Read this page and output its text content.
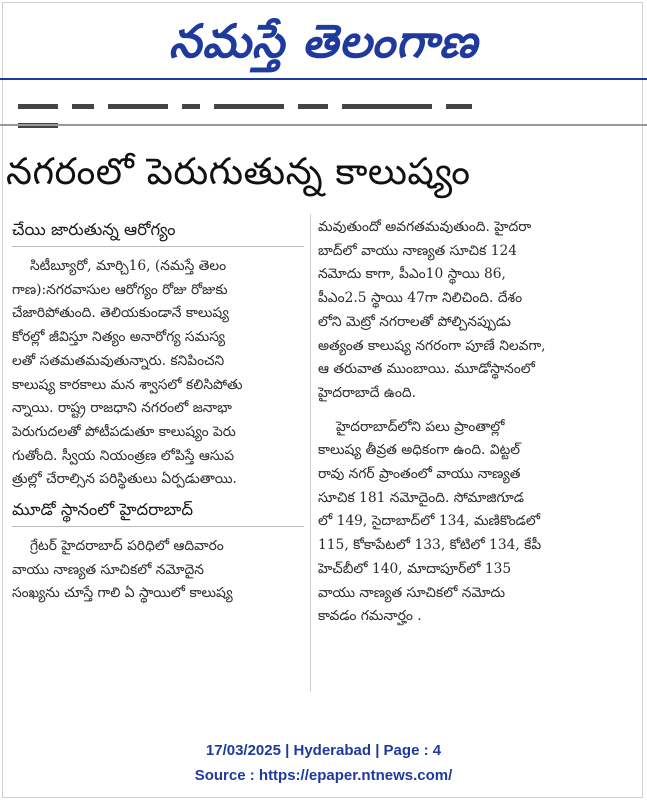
నమస్తే తెలంగాణ
నగరంలో పెరుగుతున్న కాలుష్యం
చేయి జారుతున్న ఆరోగ్యం
సిటీబ్యూరో, మార్చి16, (నమస్తే తెలం
గాణ):నగరవాసుల ఆరోగ్యం రోజు రోజుకు
చేజారిపోతుంది. తెలియకుండానే కాలుష్య
కోరల్లో జీవిస్తూ నిత్యం అనారోగ్య సమస్య
లతో సతమతమవుతున్నారు. కనిపించని
కాలుష్య కారకాలు మన శ్వాసలో కలిసిపోతు
న్నాయి. రాష్ట్ర రాజధాని నగరంలో జనాభా
పెరుగుదలతో పోటీపడుతూ కాలుష్యం పెరు
గుతోంది. స్వీయ నియంత్రణ లోపిస్తే ఆసుప
త్రుల్లో చేరాల్సిన పరిస్థితులు ఏర్పడుతాయి.
మూడో స్థానంలో హైదరాబాద్
గ్రేటర్ హైదరాబాద్ పరిధిలో ఆదివారం
వాయు నాణ్యత సూచికలో నమోదైన
సంఖ్యను చూస్తే గాలి ఏ స్థాయిలో కాలుష్య
మవుతుందో అవగతమవుతుంది. హైదరా
బాద్‌లో వాయు నాణ్యత సూచిక 124
నమోదు కాగా, పీఎం10 స్థాయి 86,
పీఎం2.5 స్థాయి 47గా నిలిచింది. దేశం
లోని మెట్రో నగరాలతో పోల్చినప్పుడు
అత్యంత కాలుష్య నగరంగా పూణే నిలవగా,
ఆ తరువాత ముంబాయి. మూడోస్థానంలో
హైదరాబాదే ఉంది.
హైదరాబాద్‌లోని పలు ప్రాంతాల్లో
కాలుష్య తీవ్రత అధికంగా ఉంది. విట్టల్
రావు నగర్ ప్రాంతంలో వాయు నాణ్యత
సూచిక 181 నమోదైంది. సోమాజిగూడ
లో 149, సైదాబాద్‌లో 134, మణికొండలో
115, కోకాపేటలో 133, కోటిలో 134, కేపీ
హెచ్‌బీలో 140, మాదాపూర్‌లో 135
వాయు నాణ్యత సూచికలో నమోదు
కావడం గమనార్హం .
17/03/2025 | Hyderabad | Page : 4
Source : https://epaper.ntnews.com/
